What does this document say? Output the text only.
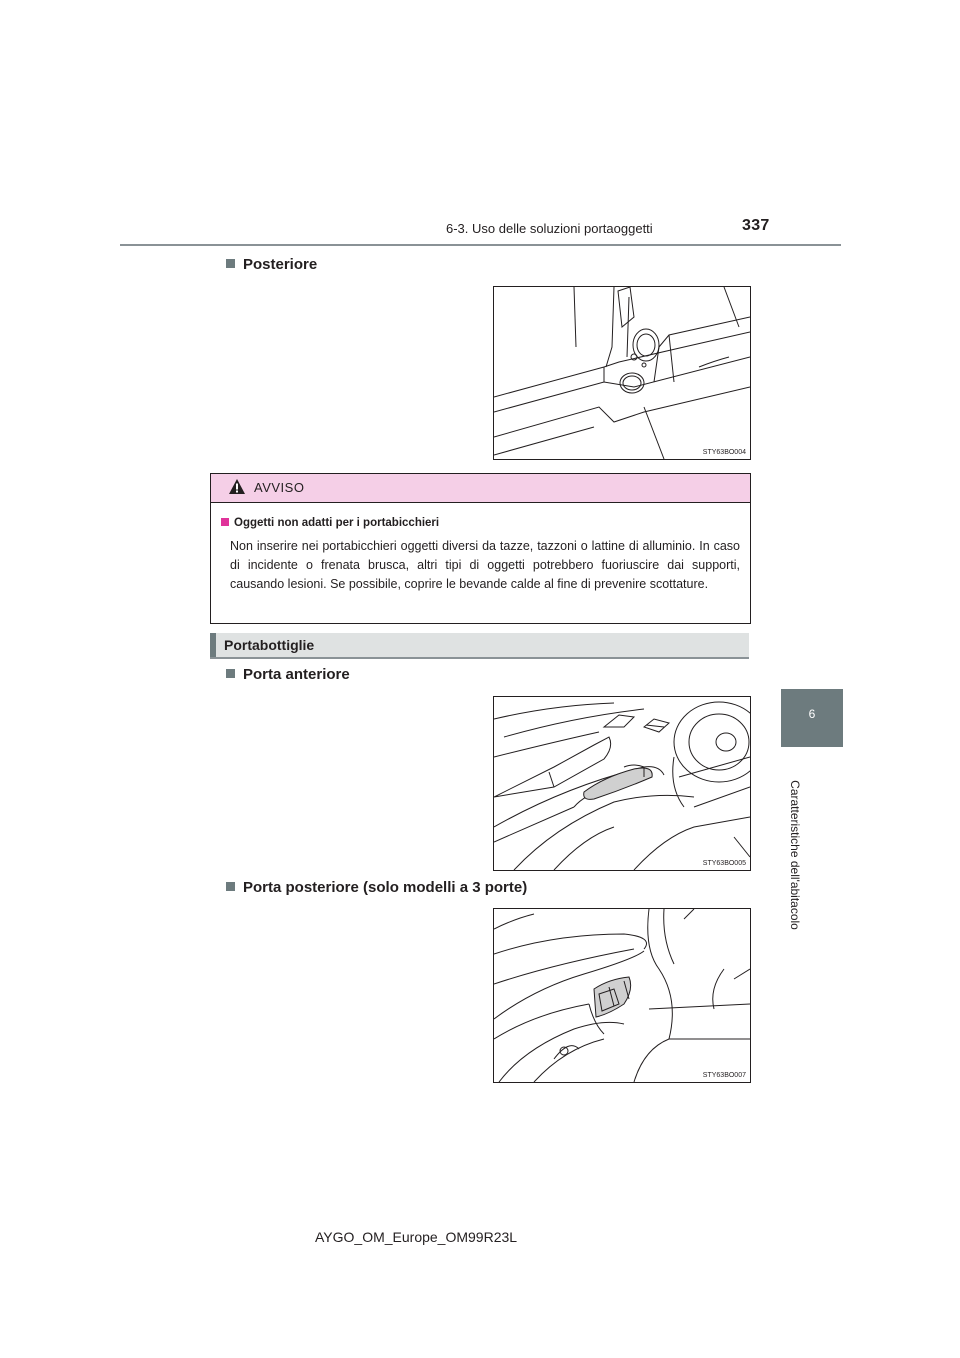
6-3. Uso delle soluzioni portaoggetti	337
6
Caratteristiche dell'abitacolo
Posteriore
STY63BO004
AVVISO
Oggetti non adatti per i portabicchieri
Non inserire nei portabicchieri oggetti diversi da tazze, tazzoni o lattine di alluminio. In caso di incidente o frenata brusca, altri tipi di oggetti potrebbero fuoriuscire dai supporti, causando lesioni. Se possibile, coprire le bevande calde al fine di prevenire scottature.
Portabottiglie
Porta anteriore
STY63BO005
Porta posteriore (solo modelli a 3 porte)
STY63BO007
AYGO_OM_Europe_OM99R23L
